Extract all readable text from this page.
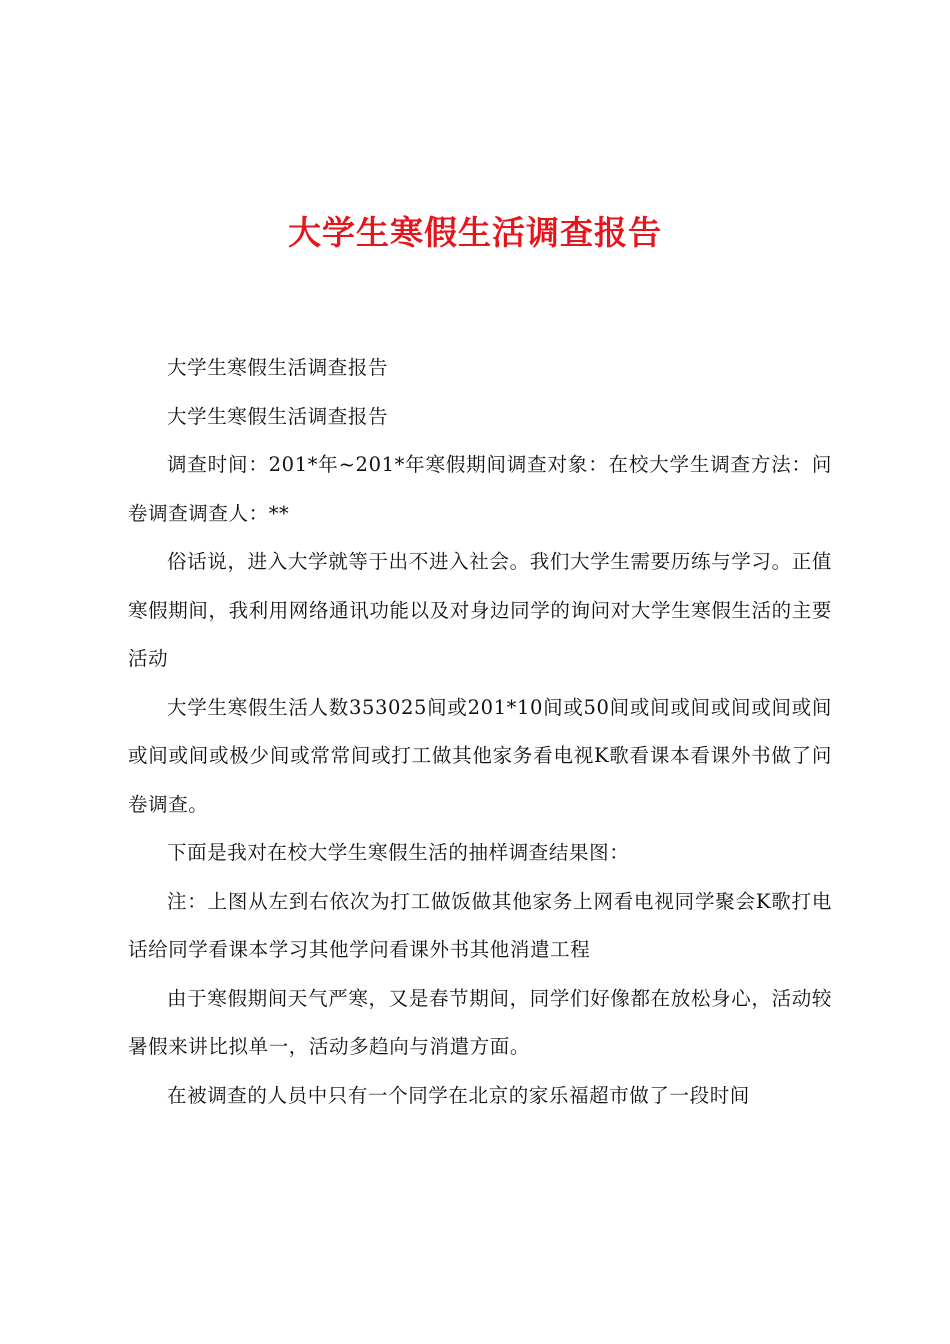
大学生寒假生活调查报告

大学生寒假生活调查报告

大学生寒假生活调查报告

调查时间：201*年~201*年寒假期间调查对象：在校大学生调查方法：问卷调查调查人：**

俗话说，进入大学就等于出不进入社会。我们大学生需要历练与学习。正值寒假期间，我利用网络通讯功能以及对身边同学的询问对大学生寒假生活的主要活动

大学生寒假生活人数353025间或201*10间或50间或间或间或间或间或间或间或间或极少间或常常间或打工做其他家务看电视K歌看课本看课外书做了问卷调查。

下面是我对在校大学生寒假生活的抽样调查结果图：

注：上图从左到右依次为打工做饭做其他家务上网看电视同学聚会K歌打电话给同学看课本学习其他学问看课外书其他消遣工程

由于寒假期间天气严寒，又是春节期间，同学们好像都在放松身心，活动较暑假来讲比拟单一，活动多趋向与消遣方面。

在被调查的人员中只有一个同学在北京的家乐福超市做了一段时间
